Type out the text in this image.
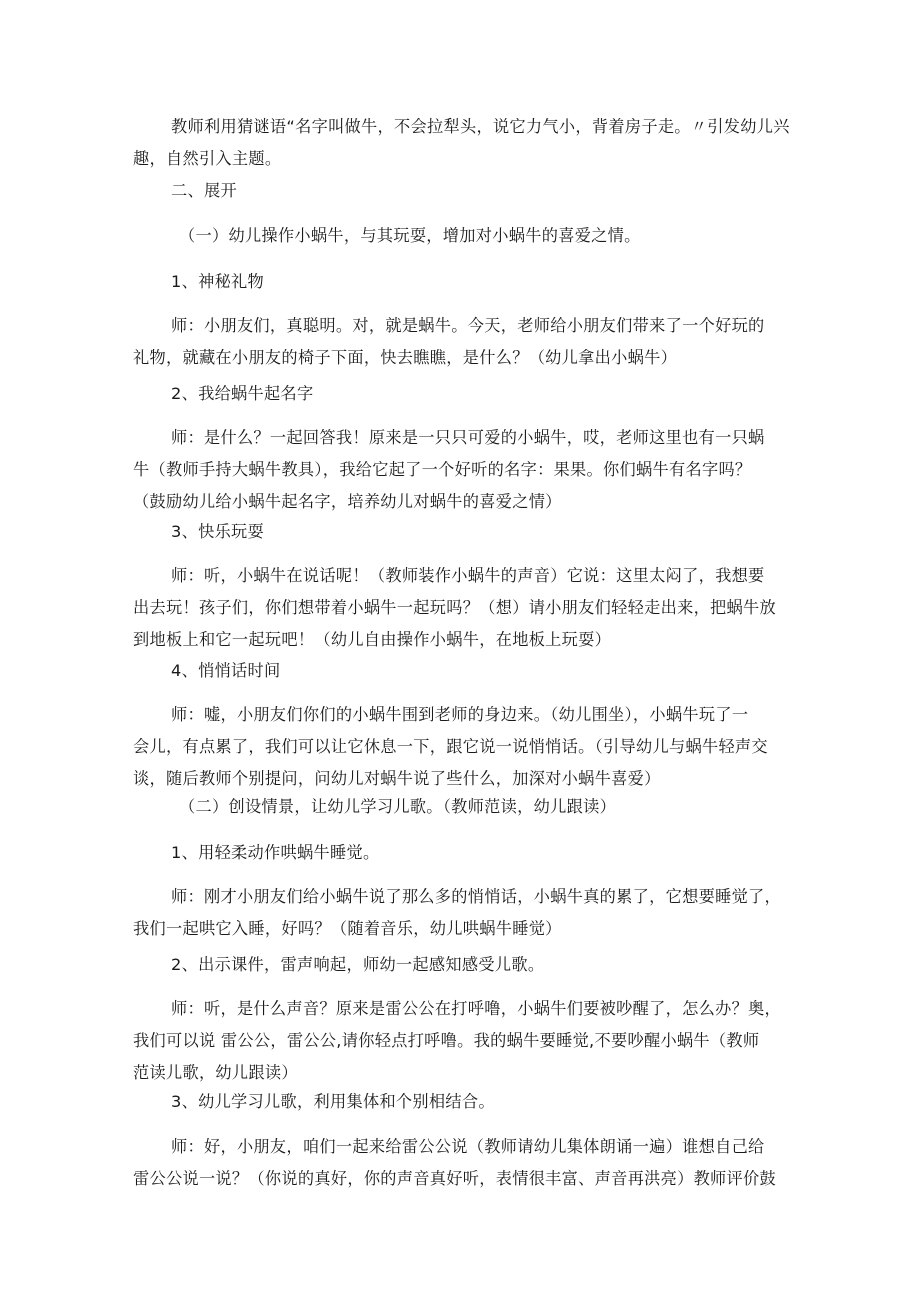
教师利用猜谜语“名字叫做牛，不会拉犁头，说它力气小，背着房子走。〃引发幼儿兴
趣，自然引入主题。
二、展开
（一）幼儿操作小蜗牛，与其玩耍，增加对小蜗牛的喜爱之情。
1、神秘礼物
师：小朋友们，真聪明。对，就是蜗牛。今天，老师给小朋友们带来了一个好玩的
礼物，就藏在小朋友的椅子下面，快去瞧瞧，是什么？（幼儿拿出小蜗牛）
2、我给蜗牛起名字
师：是什么？一起回答我！原来是一只只可爱的小蜗牛，哎，老师这里也有一只蜗
牛（教师手持大蜗牛教具），我给它起了一个好听的名字：果果。你们蜗牛有名字吗？
（鼓励幼儿给小蜗牛起名字，培养幼儿对蜗牛的喜爱之情）
3、快乐玩耍
师：听，小蜗牛在说话呢！（教师装作小蜗牛的声音）它说：这里太闷了，我想要
出去玩！孩子们，你们想带着小蜗牛一起玩吗？（想）请小朋友们轻轻走出来，把蜗牛放
到地板上和它一起玩吧！（幼儿自由操作小蜗牛，在地板上玩耍）
4、悄悄话时间
师：嘘，小朋友们你们的小蜗牛围到老师的身边来。（幼儿围坐），小蜗牛玩了一
会儿，有点累了，我们可以让它休息一下，跟它说一说悄悄话。（引导幼儿与蜗牛轻声交
谈，随后教师个别提问，问幼儿对蜗牛说了些什么，加深对小蜗牛喜爱）
（二）创设情景，让幼儿学习儿歌。（教师范读，幼儿跟读）
1、用轻柔动作哄蜗牛睡觉。
师：刚才小朋友们给小蜗牛说了那么多的悄悄话，小蜗牛真的累了，它想要睡觉了，
我们一起哄它入睡，好吗？（随着音乐，幼儿哄蜗牛睡觉）
2、出示课件，雷声响起，师幼一起感知感受儿歌。
师：听，是什么声音？原来是雷公公在打呼噜，小蜗牛们要被吵醒了，怎么办？奥，
我们可以说 雷公公，雷公公,请你轻点打呼噜。我的蜗牛要睡觉,不要吵醒小蜗牛（教师
范读儿歌，幼儿跟读）
3、幼儿学习儿歌，利用集体和个别相结合。
师：好，小朋友，咱们一起来给雷公公说（教师请幼儿集体朗诵一遍）谁想自己给
雷公公说一说？（你说的真好，你的声音真好听，表情很丰富、声音再洪亮）教师评价鼓
